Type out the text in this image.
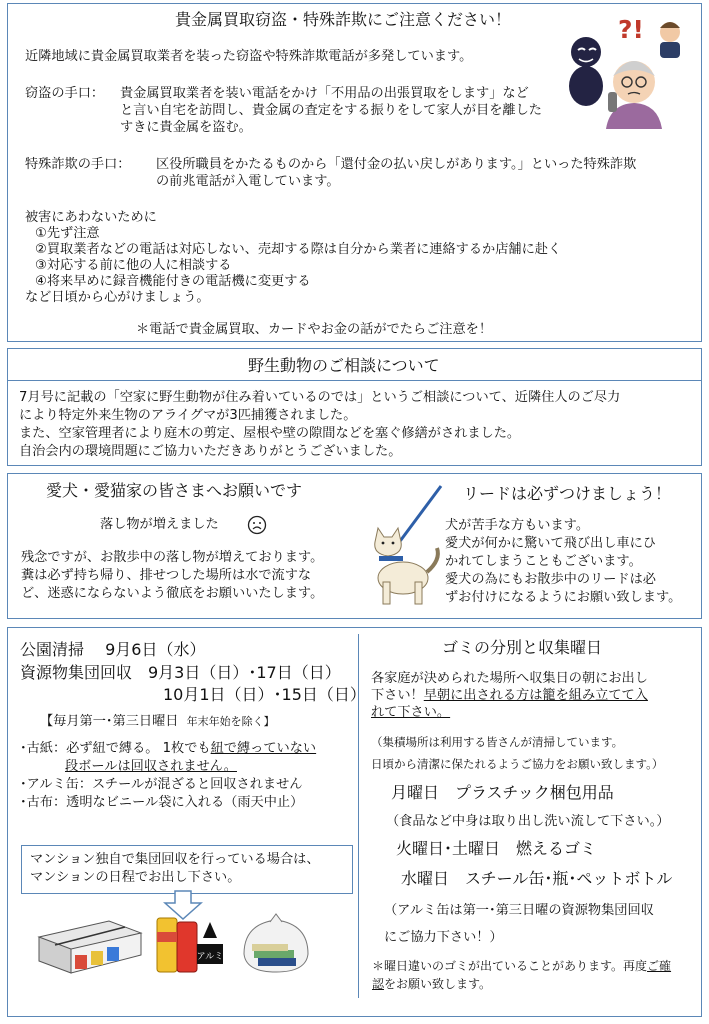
貴金属買取窃盗・特殊詐欺にご注意ください！
近隣地域に貴金属買取業者を装った窃盗や特殊詐欺電話が多発しています。
窃盗の手口： 貴金属買取業者を装い電話をかけ「不用品の出張買取をします」など
と言い自宅を訪問し、貴金属の査定をする振りをして家人が目を離した
すきに貴金属を盗む。
特殊詐欺の手口： 区役所職員をかたるものから「還付金の払い戻しがあります。」といった特殊詐欺
の前兆電話が入電しています。
被害にあわないために
①先ず注意
②買取業者などの電話は対応しない、売却する際は自分から業者に連絡するか店舗に赴く
③対応する前に他の人に相談する
④将来早めに録音機能付きの電話機に変更する
など日頃から心がけましょう。
＊電話で貴金属買取、カードやお金の話がでたらご注意を！
?!
野生動物のご相談について
7月号に記載の「空家に野生動物が住み着いているのでは」というご相談について、近隣住人のご尽力
により特定外来生物のアライグマが3匹捕獲されました。
また、空家管理者により庭木の剪定、屋根や壁の隙間などを塞ぐ修繕がされました。
自治会内の環境問題にご協力いただきありがとうございました。
愛犬・愛猫家の皆さまへお願いです
落し物が増えました
残念ですが、お散歩中の落し物が増えております。
糞は必ず持ち帰り、排せつした場所は水で流すな
ど、迷惑にならないよう徹底をお願いいたします。
リードは必ずつけましょう！
犬が苦手な方もいます。
愛犬が何かに驚いて飛び出し車にひ
かれてしまうこともございます。
愛犬の為にもお散歩中のリードは必
ずお付けになるようにお願い致します。
公園清掃　 9月6日（水）
資源物集団回収　9月3日（日）･17日（日）
10月1日（日）･15日（日）
【毎月第一･第三日曜日 年末年始を除く】
･古紙：必ず紐で縛る。 1枚でも紐で縛っていない
段ボールは回収されません。
･アルミ缶：スチールが混ざると回収されません
･古布：透明なビニール袋に入れる（雨天中止）
マンション独自で集団回収を行っている場合は、
マンションの日程でお出し下さい。
アルミ
ゴミの分別と収集曜日
各家庭が決められた場所へ収集日の朝にお出し
下さい！早朝に出される方は籠を組み立てて入
れて下さい。
（集積場所は利用する皆さんが清掃しています。
日頃から清潔に保たれるようご協力をお願い致します。）
月曜日　プラスチック梱包用品
（食品など中身は取り出し洗い流して下さい。）
火曜日･土曜日　燃えるゴミ
水曜日　スチール缶･瓶･ペットボトル
（アルミ缶は第一･第三日曜の資源物集団回収
にご協力下さい！）
＊曜日違いのゴミが出ていることがあります。再度ご確
認をお願い致します。
